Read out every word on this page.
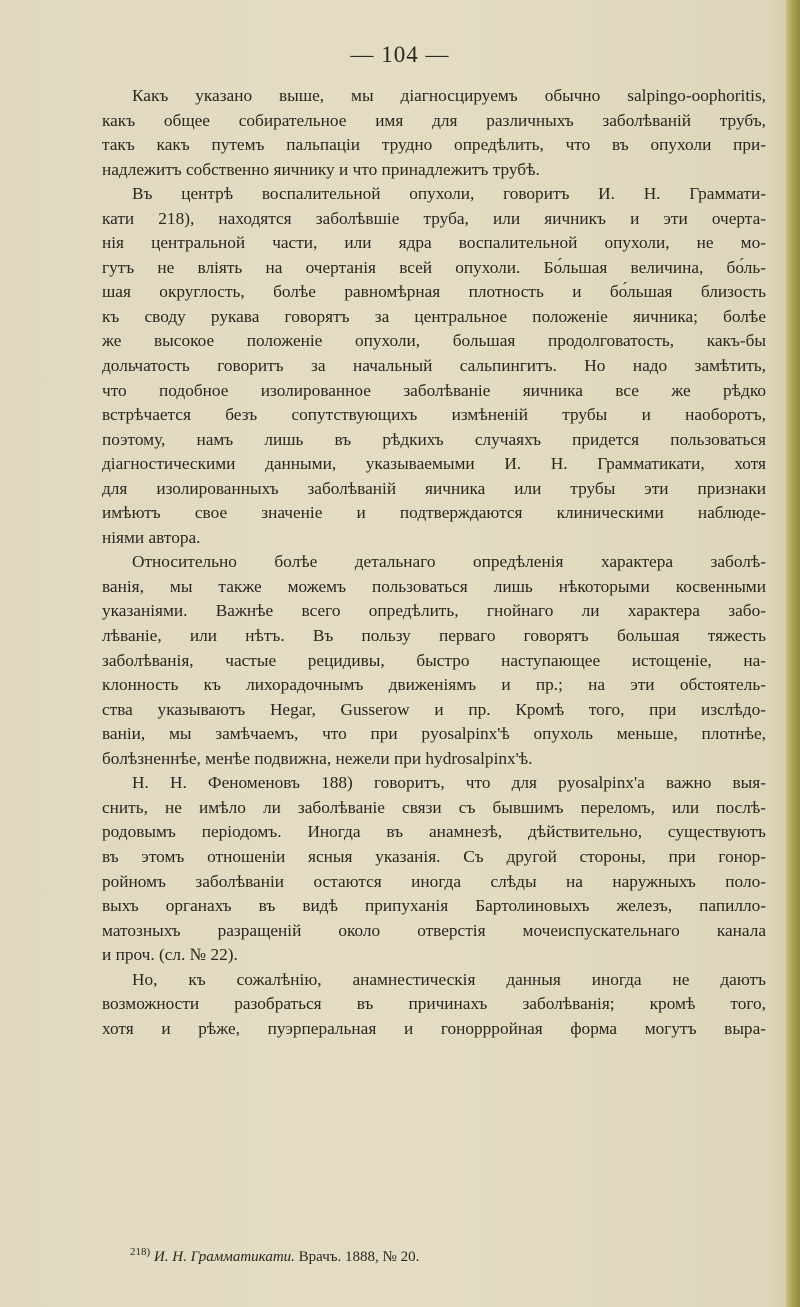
— 104 —
Какъ указано выше, мы діагносцируемъ обычно salpingo-oophoritis,
какъ общее собирательное имя для различныхъ заболѣваній трубъ,
такъ какъ путемъ пальпаціи трудно опредѣлить, что въ опухоли при-
надлежитъ собственно яичнику и что принадлежитъ трубѣ.
Въ центрѣ воспалительной опухоли, говоритъ И. Н. Граммати-
кати 218), находятся заболѣвшіе труба, или яичникъ и эти очерта-
нія центральной части, или ядра воспалительной опухоли, не мо-
гутъ не вліять на очертанія всей опухоли. Бо́льшая величина, бо́ль-
шая округлость, болѣе равномѣрная плотность и бо́льшая близость
къ своду рукава говорятъ за центральное положеніе яичника; болѣе
же высокое положеніе опухоли, большая продолговатость, какъ-бы
дольчатость говоритъ за начальный сальпингитъ. Но надо замѣтить,
что подобное изолированное заболѣваніе яичника все же рѣдко
встрѣчается безъ сопутствующихъ измѣненій трубы и наоборотъ,
поэтому, намъ лишь въ рѣдкихъ случаяхъ придется пользоваться
діагностическими данными, указываемыми И. Н. Грамматикати, хотя
для изолированныхъ заболѣваній яичника или трубы эти признаки
имѣютъ свое значеніе и подтверждаются клиническими наблюде-
ніями автора.
Относительно болѣе детальнаго опредѣленія характера заболѣ-
ванія, мы также можемъ пользоваться лишь нѣкоторыми косвенными
указаніями. Важнѣе всего опредѣлить, гнойнаго ли характера забо-
лѣваніе, или нѣтъ. Въ пользу перваго говорятъ большая тяжесть
заболѣванія, частые рецидивы, быстро наступающее истощеніе, на-
клонность къ лихорадочнымъ движеніямъ и пр.; на эти обстоятель-
ства указываютъ Hegar, Gussеrow и пр. Кромѣ того, при изслѣдо-
ваніи, мы замѣчаемъ, что при pyosalpinx'ѣ опухоль меньше, плотнѣе,
болѣзненнѣе, менѣе подвижна, нежели при hydrosalpinx'ѣ.
Н. Н. Феноменовъ 188) говоритъ, что для pyosalpinx'а важно выя-
снить, не имѣло ли заболѣваніе связи съ бывшимъ переломъ, или послѣ-
родовымъ періодомъ. Иногда въ анамнезѣ, дѣйствительно, существуютъ
въ этомъ отношеніи ясныя указанія. Съ другой стороны, при гонор-
ройномъ заболѣваніи остаются иногда слѣды на наружныхъ поло-
выхъ органахъ въ видѣ припуханія Бартолиновыхъ железъ, папилло-
матозныхъ разращеній около отверстія мочеиспускательнаго канала
и проч. (сл. № 22).
Но, къ сожалѣнію, анамнестическія данныя иногда не даютъ
возможности разобраться въ причинахъ заболѣванія; кромѣ того,
хотя и рѣже, пуэрперальная и гоноррройная форма могутъ выра-
$^{218)}$ И. Н. Грамматикати. Врачъ. 1888, № 20.
